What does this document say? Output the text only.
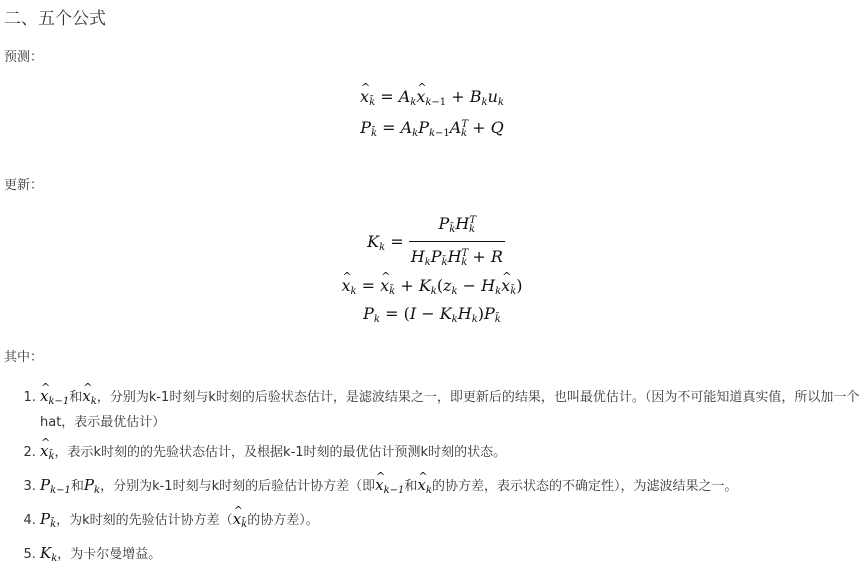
二、五个公式
预测：
^ $x_{k̄}$ = $A_k\^{}$ $x_{k-1} + B_ku_k$
$P_{k̄} = A_kP_{k-1}A^T_k + Q$
更新：
$K_k = \frac{P_{k̄}H^T_k}{H_kP_{k̄}H^T_k + R}$
^ $x_k$ = ^ $x_{k̄} + K_k(z_k$ − $H_k\^{}$ $x_{k̄}$)
$P_k = (I - K_kH_k)P_{k̄}$
其中：
1. ^ $x_{k-1}$和^ $x_k$，分别为k-1时刻与k时刻的后验状态估计，是滤波结果之一，即更新后的结果，也叫最优估计。（因为不可能知道真实值，所以加一个hat，表示最优估计）
2. ^ $x_{k̄}$，表示k时刻的的先验状态估计，及根据k-1时刻的最优估计预测k时刻的状态。
3. $P_{k-1}$和$P_k$，分别为k-1时刻与k时刻的后验估计协方差（即^ $x_{k-1}$和^ $x_k$的协方差，表示状态的不确定性），为滤波结果之一。
4. $P_{k̄}$，为k时刻的先验估计协方差（^ $x_{k̄}$的协方差）。
5. $K_k$，为卡尔曼增益。
